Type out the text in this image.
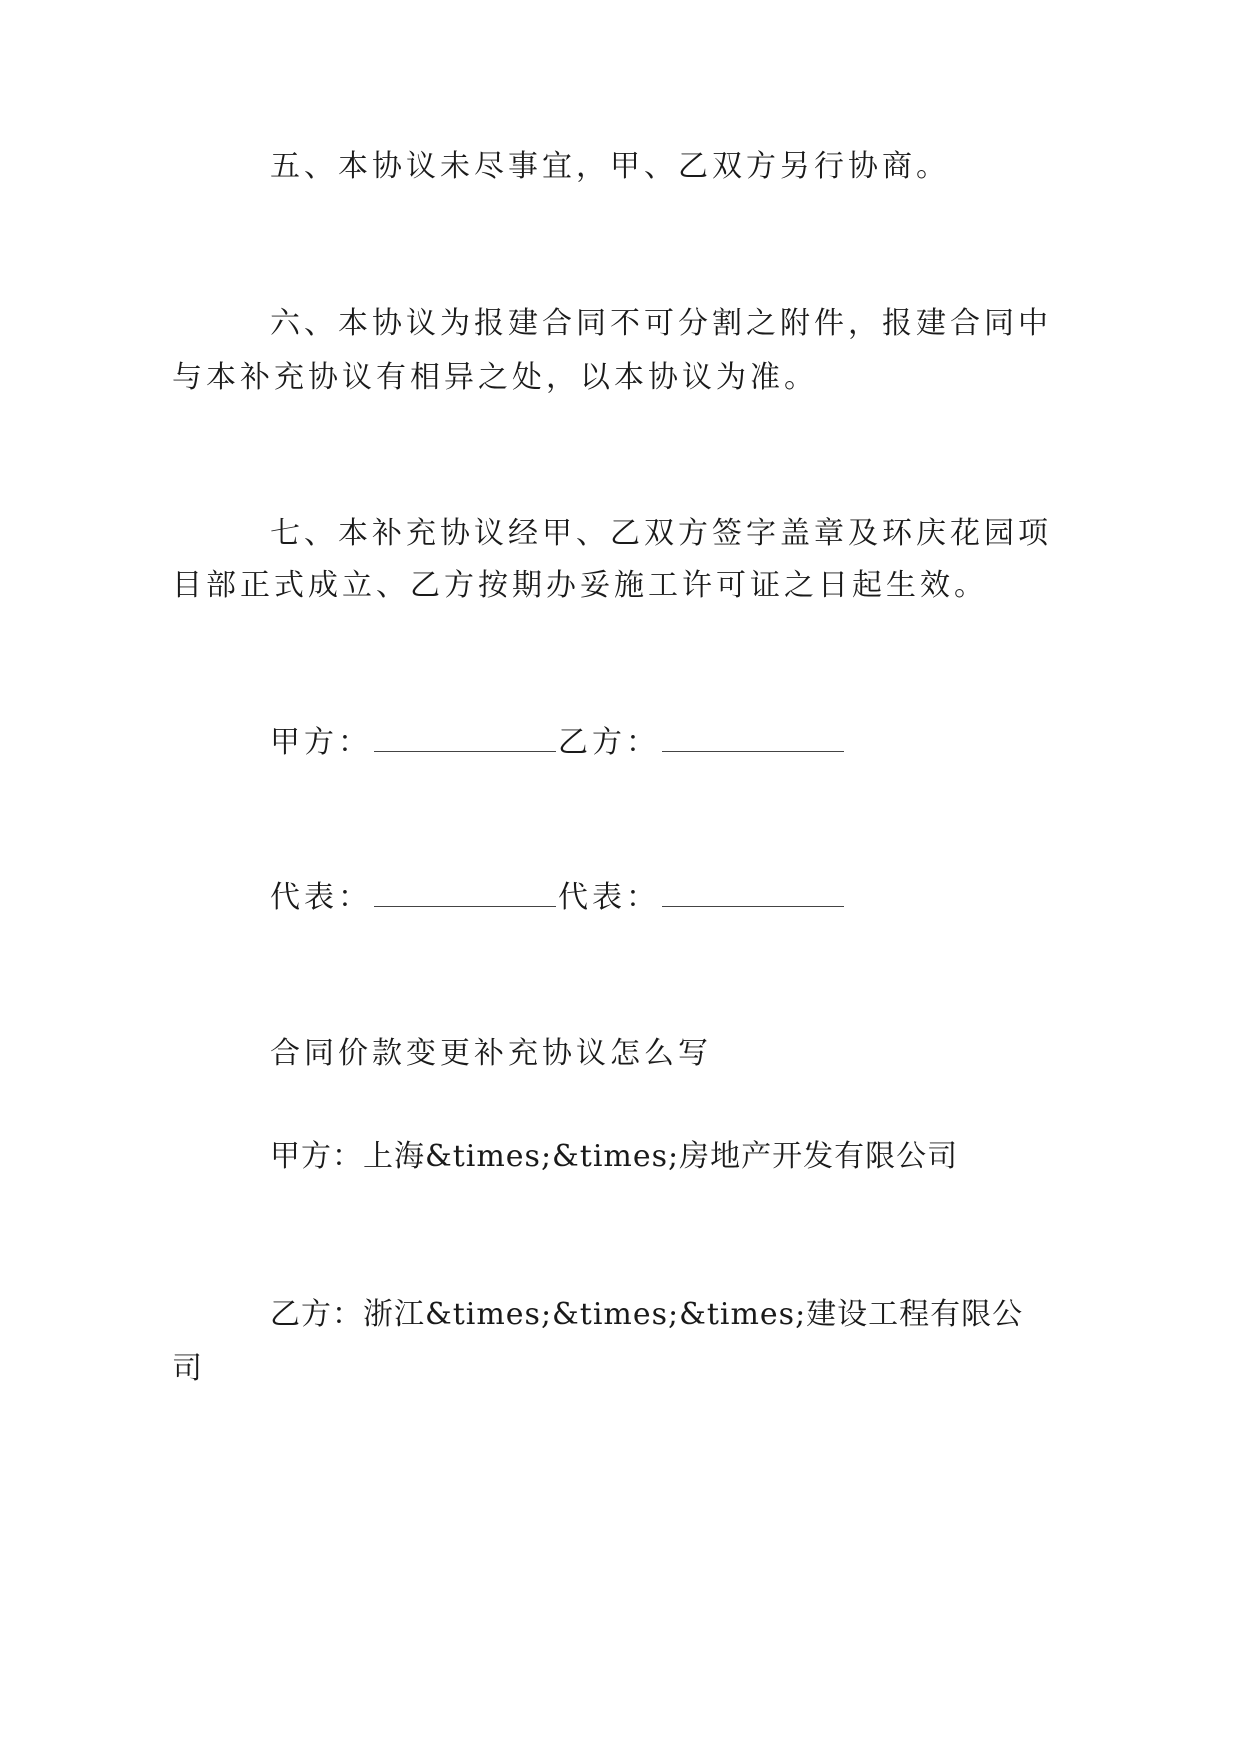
五、本协议未尽事宜，甲、乙双方另行协商。
六、本协议为报建合同不可分割之附件，报建合同中
与本补充协议有相异之处，以本协议为准。
七、本补充协议经甲、乙双方签字盖章及环庆花园项
目部正式成立、乙方按期办妥施工许可证之日起生效。
甲方：	乙方：
代表：	代表：
合同价款变更补充协议怎么写
甲方：上海&times;&times;房地产开发有限公司
乙方：浙江&times;&times;&times;建设工程有限公
司
